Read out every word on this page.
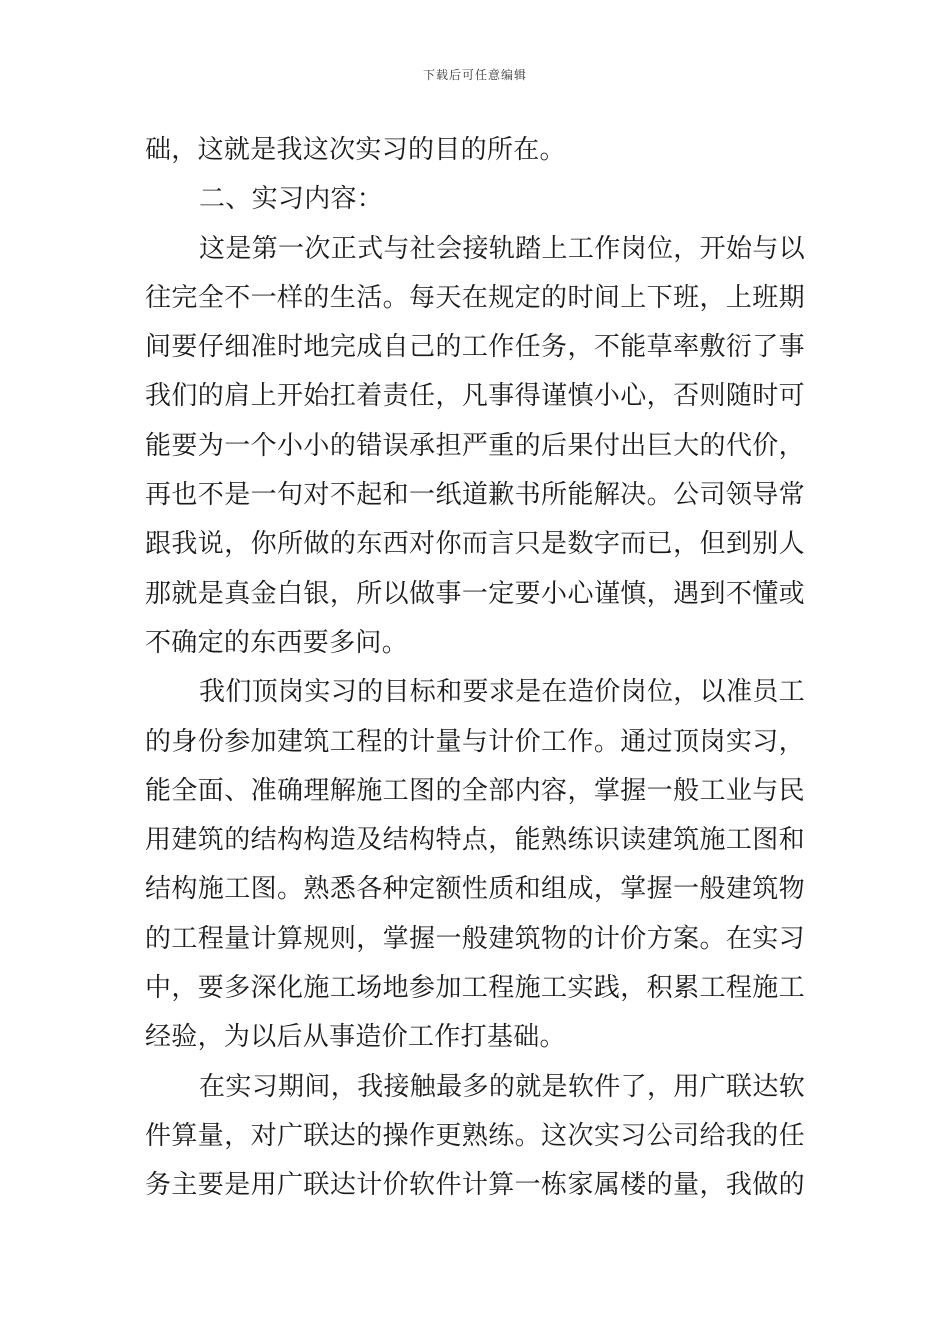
下载后可任意编辑
础，这就是我这次实习的目的所在。
二、实习内容：
这是第一次正式与社会接轨踏上工作岗位，开始与以
往完全不一样的生活。每天在规定的时间上下班，上班期
间要仔细准时地完成自己的工作任务，不能草率敷衍了事
我们的肩上开始扛着责任，凡事得谨慎小心，否则随时可
能要为一个小小的错误承担严重的后果付出巨大的代价，
再也不是一句对不起和一纸道歉书所能解决。公司领导常
跟我说，你所做的东西对你而言只是数字而已，但到别人
那就是真金白银，所以做事一定要小心谨慎，遇到不懂或
不确定的东西要多问。
我们顶岗实习的目标和要求是在造价岗位，以准员工
的身份参加建筑工程的计量与计价工作。通过顶岗实习，
能全面、准确理解施工图的全部内容，掌握一般工业与民
用建筑的结构构造及结构特点，能熟练识读建筑施工图和
结构施工图。熟悉各种定额性质和组成，掌握一般建筑物
的工程量计算规则，掌握一般建筑物的计价方案。在实习
中，要多深化施工场地参加工程施工实践，积累工程施工
经验，为以后从事造价工作打基础。
在实习期间，我接触最多的就是软件了，用广联达软
件算量，对广联达的操作更熟练。这次实习公司给我的任
务主要是用广联达计价软件计算一栋家属楼的量，我做的
